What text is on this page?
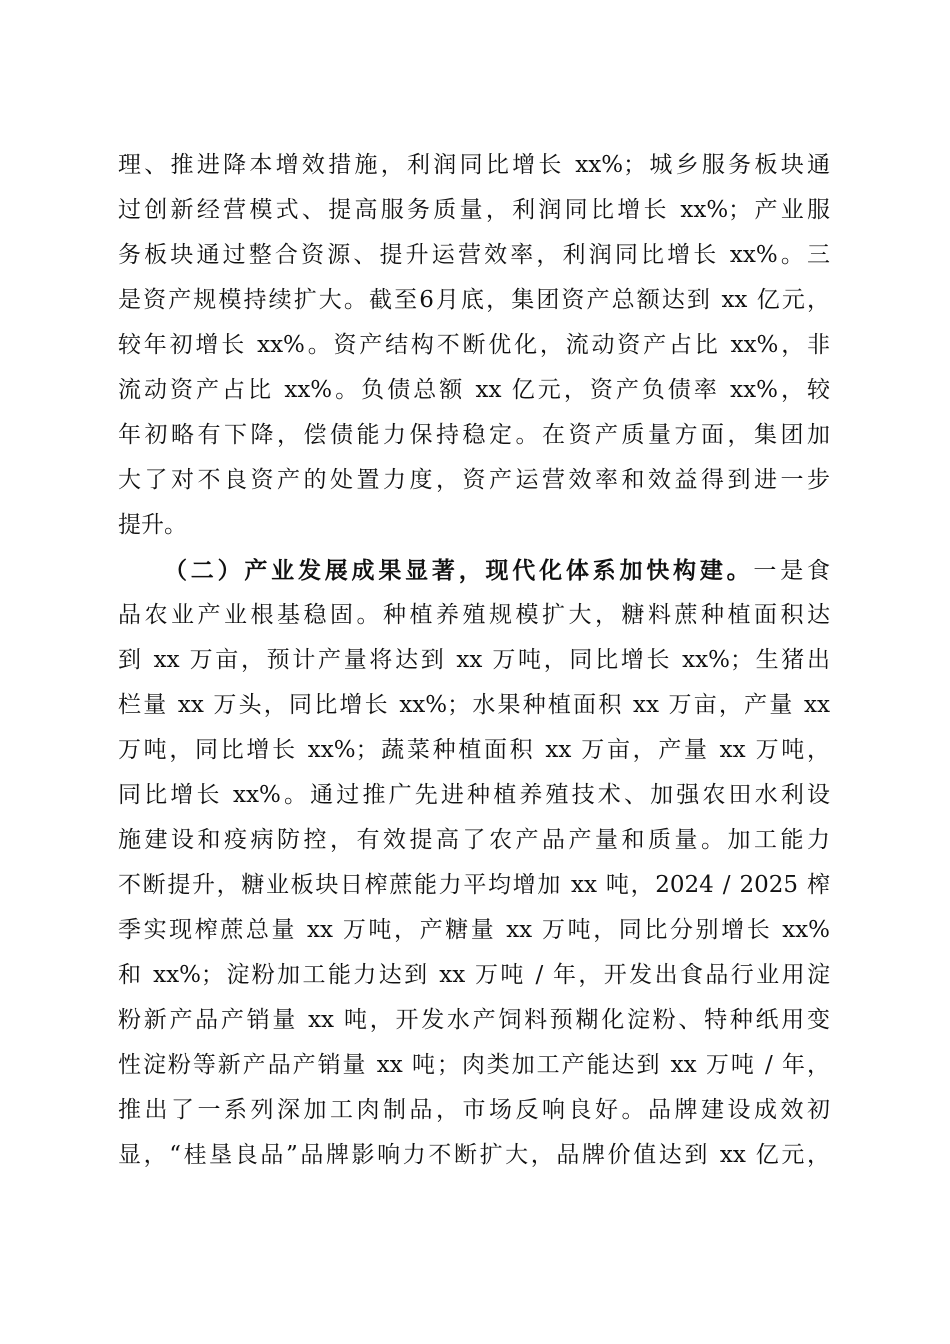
理、推进降本增效措施，利润同比增长 xx%；城乡服务板块通
过创新经营模式、提高服务质量，利润同比增长 xx%；产业服
务板块通过整合资源、提升运营效率，利润同比增长 xx%。三
是资产规模持续扩大。截至6月底，集团资产总额达到 xx 亿元，
较年初增长 xx%。资产结构不断优化，流动资产占比 xx%，非
流动资产占比 xx%。负债总额 xx 亿元，资产负债率 xx%，较
年初略有下降，偿债能力保持稳定。在资产质量方面，集团加
大了对不良资产的处置力度，资产运营效率和效益得到进一步
提升。
（二）产业发展成果显著，现代化体系加快构建。一是食
品农业产业根基稳固。种植养殖规模扩大，糖料蔗种植面积达
到 xx 万亩，预计产量将达到 xx 万吨，同比增长 xx%；生猪出
栏量 xx 万头，同比增长 xx%；水果种植面积 xx 万亩，产量 xx
万吨，同比增长 xx%；蔬菜种植面积 xx 万亩，产量 xx 万吨，
同比增长 xx%。通过推广先进种植养殖技术、加强农田水利设
施建设和疫病防控，有效提高了农产品产量和质量。加工能力
不断提升，糖业板块日榨蔗能力平均增加 xx 吨，2024 / 2025 榨
季实现榨蔗总量 xx 万吨，产糖量 xx 万吨，同比分别增长 xx%
和 xx%；淀粉加工能力达到 xx 万吨 / 年，开发出食品行业用淀
粉新产品产销量 xx 吨，开发水产饲料预糊化淀粉、特种纸用变
性淀粉等新产品产销量 xx 吨；肉类加工产能达到 xx 万吨 / 年，
推出了一系列深加工肉制品，市场反响良好。品牌建设成效初
显，“桂垦良品”品牌影响力不断扩大，品牌价值达到 xx 亿元，
